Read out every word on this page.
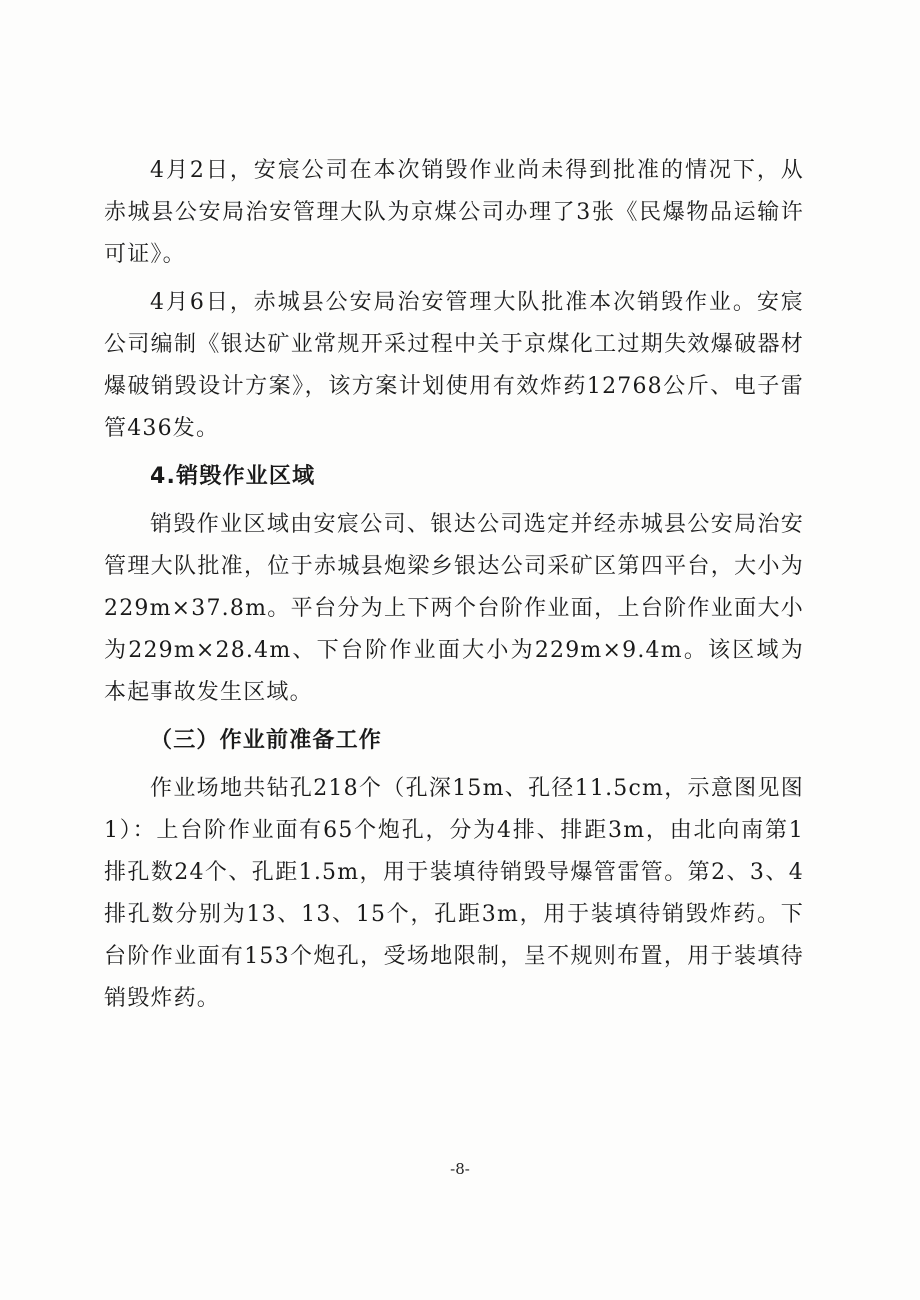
4月2日，安宸公司在本次销毁作业尚未得到批准的情况下，从赤城县公安局治安管理大队为京煤公司办理了3张《民爆物品运输许可证》。

4月6日，赤城县公安局治安管理大队批准本次销毁作业。安宸公司编制《银达矿业常规开采过程中关于京煤化工过期失效爆破器材爆破销毁设计方案》，该方案计划使用有效炸药12768公斤、电子雷管436发。

4.销毁作业区域

销毁作业区域由安宸公司、银达公司选定并经赤城县公安局治安管理大队批准，位于赤城县炮梁乡银达公司采矿区第四平台，大小为 229m×37.8m。平台分为上下两个台阶作业面，上台阶作业面大小为229m×28.4m、下台阶作业面大小为229m×9.4m。该区域为本起事故发生区域。

（三）作业前准备工作

作业场地共钻孔218个（孔深15m、孔径11.5cm，示意图见图1）：上台阶作业面有65个炮孔，分为4排、排距3m，由北向南第1排孔数24个、孔距1.5m，用于装填待销毁导爆管雷管。第2、3、4排孔数分别为13、13、15个，孔距3m，用于装填待销毁炸药。下台阶作业面有153个炮孔，受场地限制，呈不规则布置，用于装填待销毁炸药。

-8-
